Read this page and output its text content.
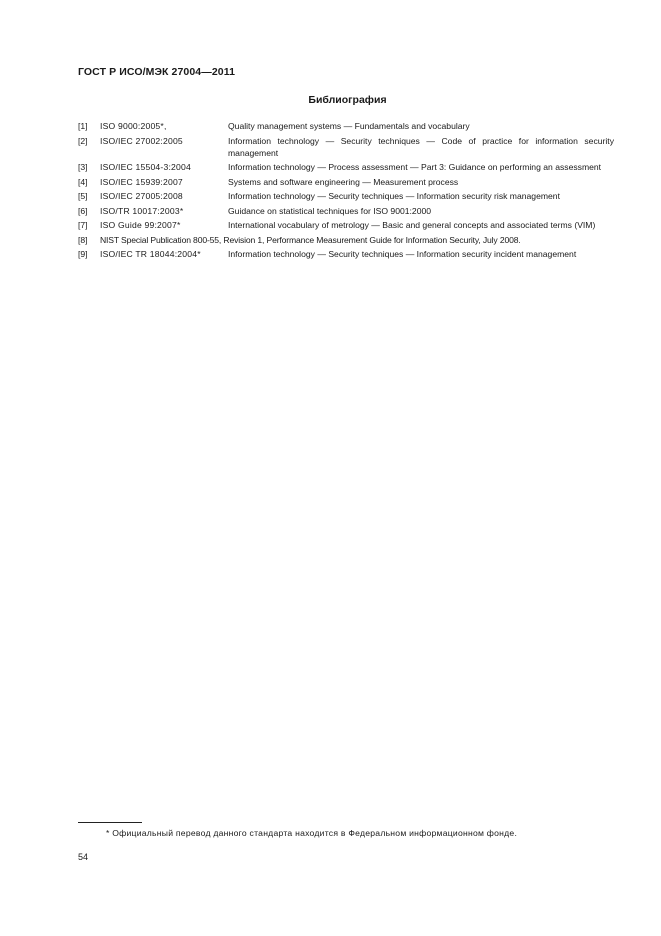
ГОСТ Р ИСО/МЭК 27004—2011
Библиография
[1]	ISO 9000:2005*,	Quality management systems — Fundamentals and vocabulary
[2]	ISO/IEC 27002:2005	Information technology — Security techniques — Code of practice for information security management
[3]	ISO/IEC 15504-3:2004	Information technology — Process assessment — Part 3: Guidance on performing an assessment
[4]	ISO/IEC 15939:2007	Systems and software engineering — Measurement process
[5]	ISO/IEC 27005:2008	Information technology — Security techniques — Information security risk management
[6]	ISO/TR 10017:2003*	Guidance on statistical techniques for ISO 9001:2000
[7]	ISO Guide 99:2007*	International vocabulary of metrology — Basic and general concepts and associated terms (VIM)
[8]	NIST Special Publication 800-55, Revision 1, Performance Measurement Guide for Information Security, July 2008.	
[9]	ISO/IEC TR 18044:2004*	Information technology — Security techniques — Information security incident management
* Официальный перевод данного стандарта находится в Федеральном информационном фонде.
54
